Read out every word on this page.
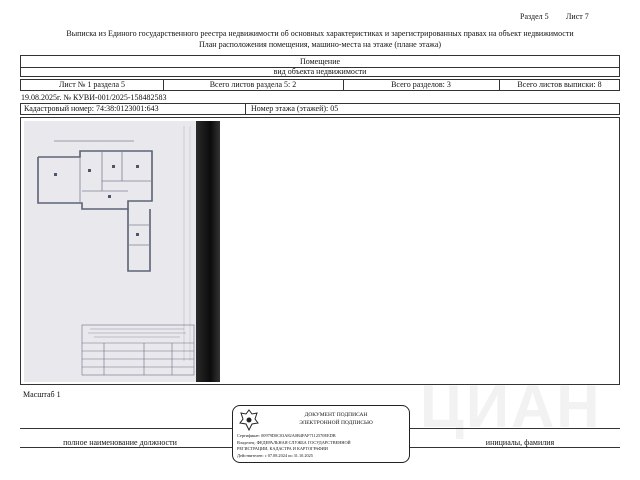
Раздел 5 Лист 7
Выписка из Единого государственного реестра недвижимости об основных характеристиках и зарегистрированных правах на объект недвижимости
План расположения помещения, машино-места на этаже (плане этажа)
Помещение
вид объекта недвижимости
Лист № 1 раздела 5	Всего листов раздела 5: 2	Всего разделов: 3	Всего листов выписки: 8
19.08.2025г. № КУВИ-001/2025-158482583
Кадастровый номер: 74:38:0123001:643	Номер этажа (этажей): 05
ЦИАН
Масштаб 1
полное наименование должности	инициалы, фамилия
ДОКУМЕНТ ПОДПИСАН
ЭЛЕКТРОННОЙ ПОДПИСЬЮ
Сертификат: 00979D0C03A82A0B4FAF7112570EEDB
Владелец: ФЕДЕРАЛЬНАЯ СЛУЖБА ГОСУДАРСТВЕННОЙ
РЕГИСТРАЦИИ, КАДАСТРА И КАРТОГРАФИИ
Действителен: с 07.08.2024 по 31.10.2025
